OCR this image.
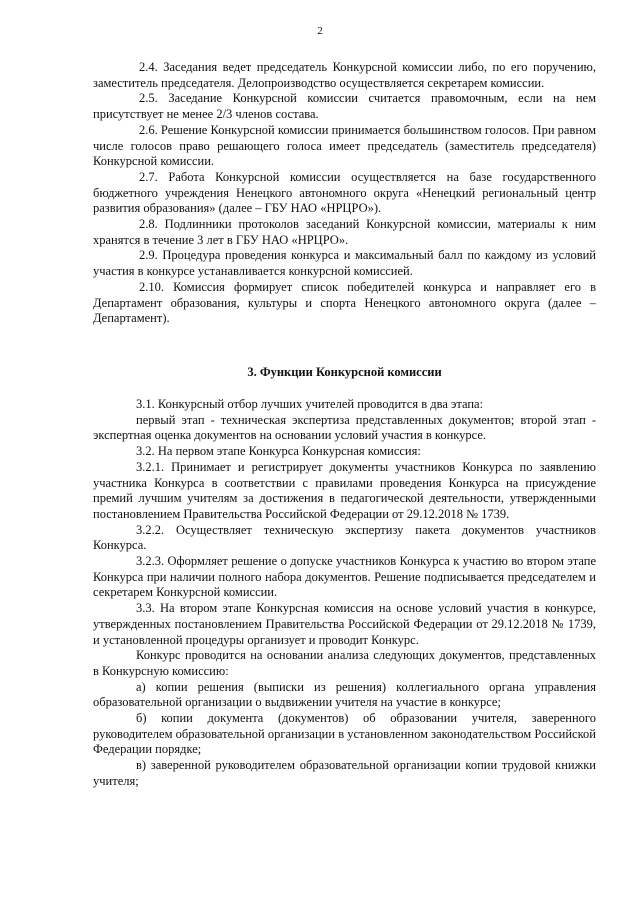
2

2.4. Заседания ведет председатель Конкурсной комиссии либо, по его поручению, заместитель председателя. Делопроизводство осуществляется секретарем комиссии.

2.5. Заседание Конкурсной комиссии считается правомочным, если на нем присутствует не менее 2/3 членов состава.

2.6. Решение Конкурсной комиссии принимается большинством голосов. При равном числе голосов право решающего голоса имеет председатель (заместитель председателя) Конкурсной комиссии.

2.7. Работа Конкурсной комиссии осуществляется на базе государственного бюджетного учреждения Ненецкого автономного округа «Ненецкий региональный центр развития образования» (далее – ГБУ НАО «НРЦРО»).

2.8. Подлинники протоколов заседаний Конкурсной комиссии, материалы к ним хранятся в течение 3 лет в ГБУ НАО «НРЦРО».

2.9. Процедура проведения конкурса и максимальный балл по каждому из условий участия в конкурсе устанавливается конкурсной комиссией.

2.10. Комиссия формирует список победителей конкурса и направляет его в Департамент образования, культуры и спорта Ненецкого автономного округа (далее – Департамент).

3. Функции Конкурсной комиссии

3.1. Конкурсный отбор лучших учителей проводится в два этапа:

первый этап - техническая экспертиза представленных документов; второй этап - экспертная оценка документов на основании условий участия в конкурсе.

3.2. На первом этапе Конкурса Конкурсная комиссия:

3.2.1. Принимает и регистрирует документы участников Конкурса по заявлению участника Конкурса в соответствии с правилами проведения Конкурса на присуждение премий лучшим учителям за достижения в педагогической деятельности, утвержденными постановлением Правительства Российской Федерации от 29.12.2018 № 1739.

3.2.2. Осуществляет техническую экспертизу пакета документов участников Конкурса.

3.2.3. Оформляет решение о допуске участников Конкурса к участию во втором этапе Конкурса при наличии полного набора документов. Решение подписывается председателем и секретарем Конкурсной комиссии.

3.3. На втором этапе Конкурсная комиссия на основе условий участия в конкурсе, утвержденных постановлением Правительства Российской Федерации от 29.12.2018 № 1739, и установленной процедуры организует и проводит Конкурс.

Конкурс проводится на основании анализа следующих документов, представленных в Конкурсную комиссию:

а) копии решения (выписки из решения) коллегиального органа управления образовательной организации о выдвижении учителя на участие в конкурсе;

б) копии документа (документов) об образовании учителя, заверенного руководителем образовательной организации в установленном законодательством Российской Федерации порядке;

в) заверенной руководителем образовательной организации копии трудовой книжки учителя;
